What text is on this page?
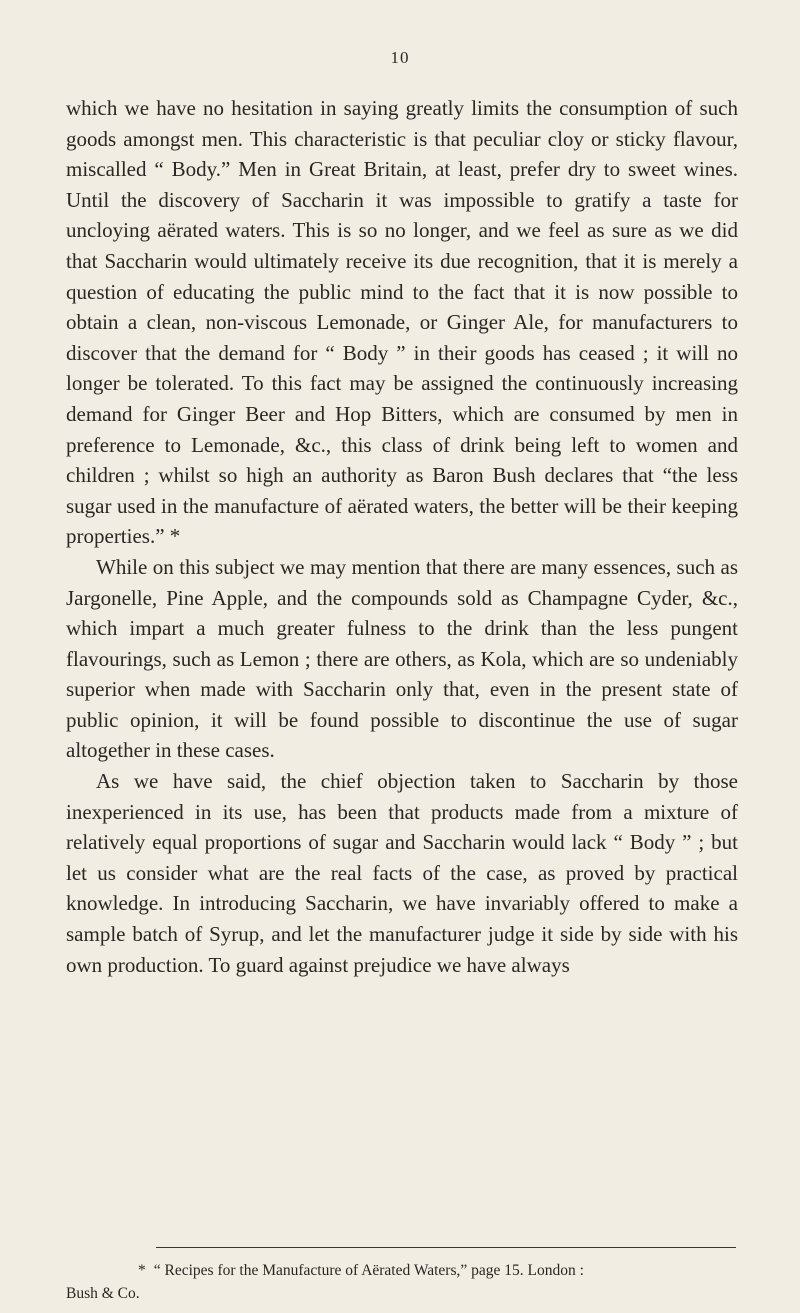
10

which we have no hesitation in saying greatly limits the consumption of such goods amongst men. This characteristic is that peculiar cloy or sticky flavour, miscalled “ Body.” Men in Great Britain, at least, prefer dry to sweet wines. Until the discovery of Saccharin it was impossible to gratify a taste for uncloying aërated waters. This is so no longer, and we feel as sure as we did that Saccharin would ultimately receive its due recognition, that it is merely a question of educating the public mind to the fact that it is now possible to obtain a clean, non-viscous Lemonade, or Ginger Ale, for manufacturers to discover that the demand for “ Body ” in their goods has ceased ; it will no longer be tolerated. To this fact may be assigned the continuously increasing demand for Ginger Beer and Hop Bitters, which are consumed by men in preference to Lemonade, &c., this class of drink being left to women and children ; whilst so high an authority as Baron Bush declares that “the less sugar used in the manufacture of aërated waters, the better will be their keeping properties.” *

While on this subject we may mention that there are many essences, such as Jargonelle, Pine Apple, and the compounds sold as Champagne Cyder, &c., which impart a much greater fulness to the drink than the less pungent flavourings, such as Lemon ; there are others, as Kola, which are so undeniably superior when made with Saccharin only that, even in the present state of public opinion, it will be found possible to discontinue the use of sugar altogether in these cases.

As we have said, the chief objection taken to Saccharin by those inexperienced in its use, has been that products made from a mixture of relatively equal proportions of sugar and Saccharin would lack “ Body ” ; but let us consider what are the real facts of the case, as proved by practical knowledge. In introducing Saccharin, we have invariably offered to make a sample batch of Syrup, and let the manufacturer judge it side by side with his own production. To guard against prejudice we have always

* “ Recipes for the Manufacture of Aërated Waters,” page 15. London :
Bush & Co.
